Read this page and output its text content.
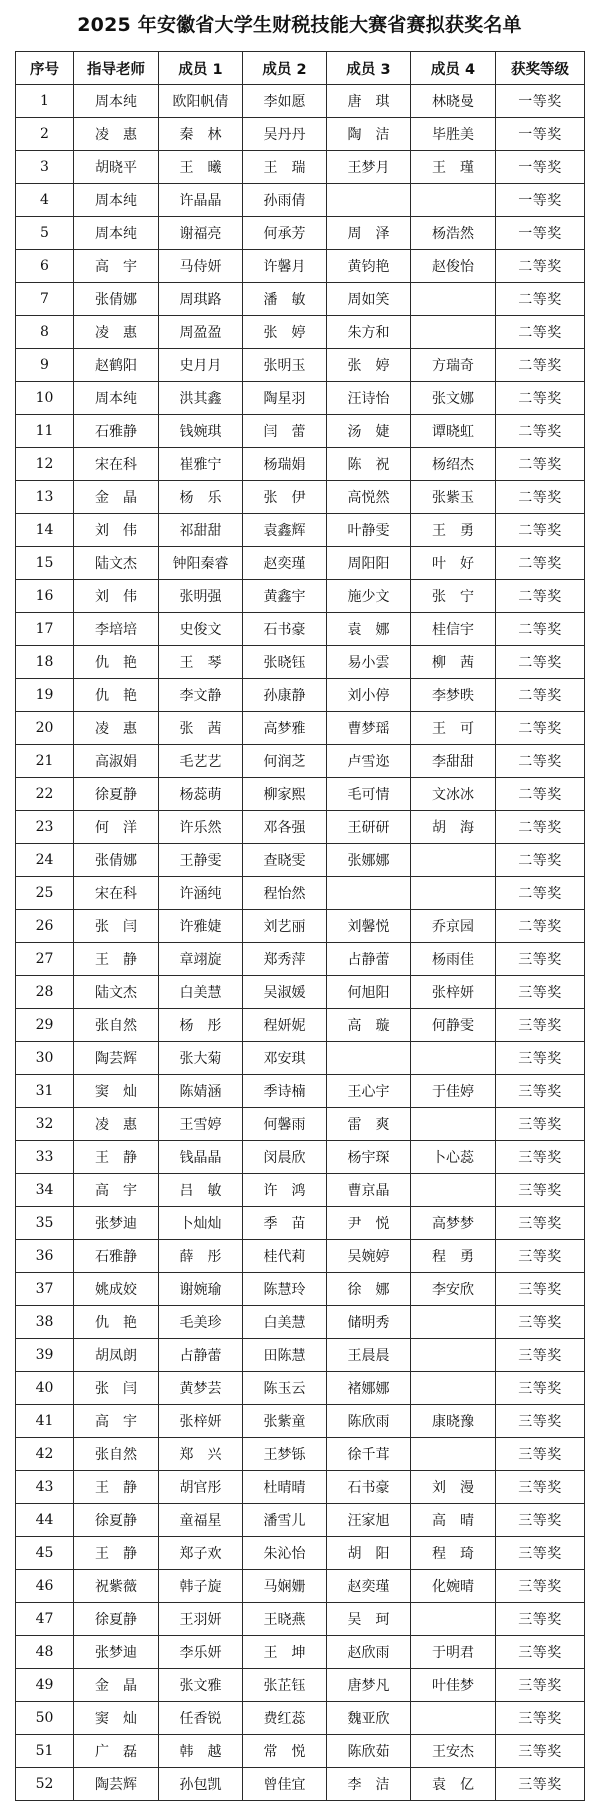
2025 年安徽省大学生财税技能大赛省赛拟获奖名单
序号	指导老师	成员 1	成员 2	成员 3	成员 4	获奖等级
1	周本纯	欧阳帆倩	李如愿	唐　琪	林晓曼	一等奖
2	凌　惠	秦　林	吴丹丹	陶　洁	毕胜美	一等奖
3	胡晓平	王　曦	王　瑞	王梦月	王　瑾	一等奖
4	周本纯	许晶晶	孙雨倩			一等奖
5	周本纯	谢福亮	何承芳	周　泽	杨浩然	一等奖
6	高　宇	马侍妍	许馨月	黄钧艳	赵俊怡	二等奖
7	张倩娜	周琪路	潘　敏	周如笑		二等奖
8	凌　惠	周盈盈	张　婷	朱方和		二等奖
9	赵鹤阳	史月月	张明玉	张　婷	方瑞奇	二等奖
10	周本纯	洪其鑫	陶星羽	汪诗怡	张文娜	二等奖
11	石雅静	钱婉琪	闫　蕾	汤　婕	谭晓虹	二等奖
12	宋在科	崔雅宁	杨瑞娟	陈　祝	杨绍杰	二等奖
13	金　晶	杨　乐	张　伊	高悦然	张紫玉	二等奖
14	刘　伟	祁甜甜	袁鑫辉	叶静雯	王　勇	二等奖
15	陆文杰	钟阳秦睿	赵奕瑾	周阳阳	叶　好	二等奖
16	刘　伟	张明强	黄鑫宇	施少文	张　宁	二等奖
17	李培培	史俊文	石书豪	袁　娜	桂信宇	二等奖
18	仇　艳	王　琴	张晓钰	易小雲	柳　茜	二等奖
19	仇　艳	李文静	孙康静	刘小停	李梦昳	二等奖
20	凌　惠	张　茜	高梦雅	曹梦瑶	王　可	二等奖
21	高淑娟	毛艺艺	何润芝	卢雪迩	李甜甜	二等奖
22	徐夏静	杨蕊萌	柳家熙	毛可情	文冰冰	二等奖
23	何　洋	许乐然	邓各强	王研研	胡　海	二等奖
24	张倩娜	王静雯	查晓雯	张娜娜		二等奖
25	宋在科	许涵纯	程怡然			二等奖
26	张　闫	许雅婕	刘艺丽	刘馨悦	乔京园	二等奖
27	王　静	章翊旋	郑秀萍	占静蕾	杨雨佳	三等奖
28	陆文杰	白美慧	吴淑媛	何旭阳	张梓妍	三等奖
29	张自然	杨　彤	程妍妮	高　璇	何静雯	三等奖
30	陶芸辉	张大菊	邓安琪			三等奖
31	窦　灿	陈婧涵	季诗楠	王心宇	于佳婷	三等奖
32	凌　惠	王雪婷	何馨雨	雷　爽		三等奖
33	王　静	钱晶晶	闵晨欣	杨宇琛	卜心蕊	三等奖
34	高　宇	吕　敏	许　鸿	曹京晶		三等奖
35	张梦迪	卜灿灿	季　苗	尹　悦	高梦梦	三等奖
36	石雅静	薛　彤	桂代莉	吴婉婷	程　勇	三等奖
37	姚成姣	谢婉瑜	陈慧玲	徐　娜	李安欣	三等奖
38	仇　艳	毛美珍	白美慧	储明秀		三等奖
39	胡凤朗	占静蕾	田陈慧	王晨晨		三等奖
40	张　闫	黄梦芸	陈玉云	褚娜娜		三等奖
41	高　宇	张梓妍	张紫童	陈欣雨	康晓豫	三等奖
42	张自然	郑　兴	王梦铄	徐千茸		三等奖
43	王　静	胡官彤	杜晴晴	石书豪	刘　漫	三等奖
44	徐夏静	童福星	潘雪儿	汪家旭	高　晴	三等奖
45	王　静	郑子欢	朱沁怡	胡　阳	程　琦	三等奖
46	祝紫薇	韩子旋	马娴姗	赵奕瑾	化婉晴	三等奖
47	徐夏静	王羽妍	王晓燕	吴　珂		三等奖
48	张梦迪	李乐妍	王　坤	赵欣雨	于明君	三等奖
49	金　晶	张文雅	张芷钰	唐梦凡	叶佳梦	三等奖
50	窦　灿	任香锐	费红蕊	魏亚欣		三等奖
51	广　磊	韩　越	常　悦	陈欣茹	王安杰	三等奖
52	陶芸辉	孙包凯	曾佳宜	李　洁	袁　亿	三等奖
